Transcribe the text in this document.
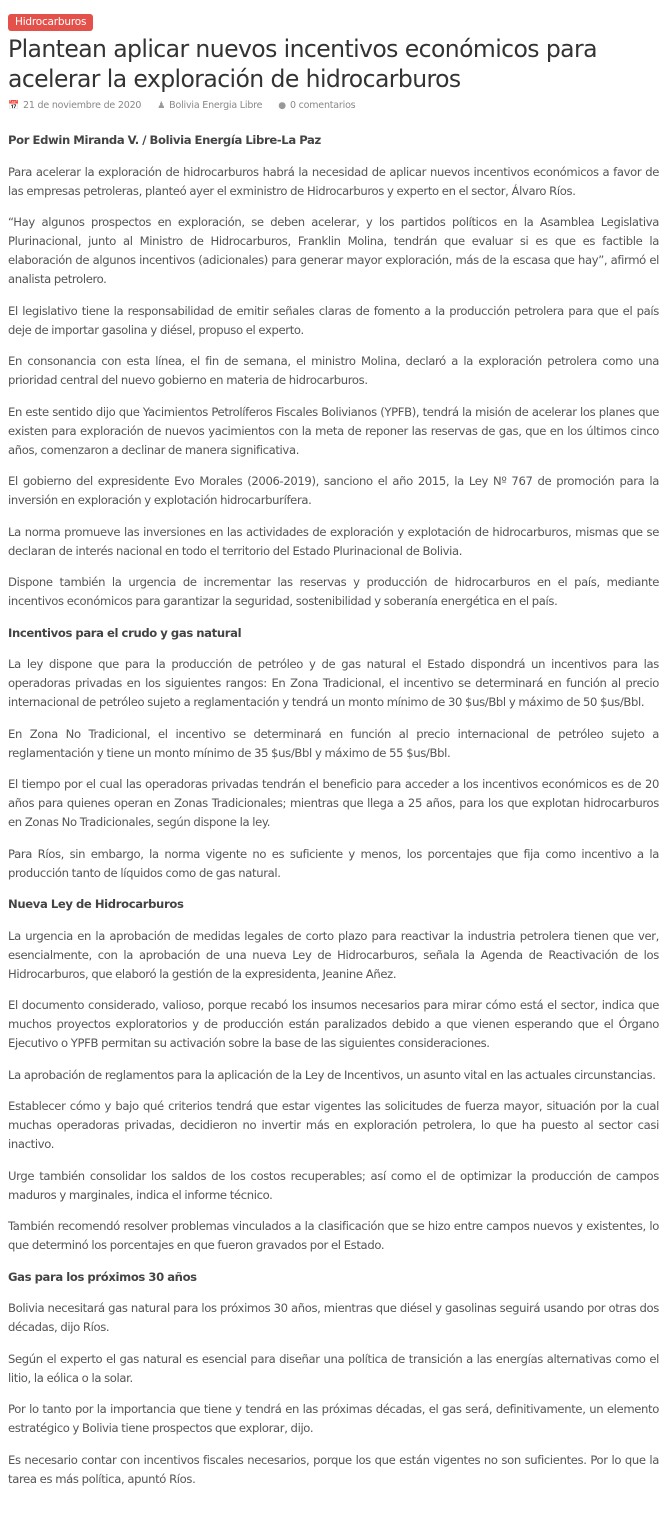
Hidrocarburos
Plantean aplicar nuevos incentivos económicos para acelerar la exploración de hidrocarburos
📅 21 de noviembre de 2020 ♟ Bolivia Energia Libre ● 0 comentarios

Por Edwin Miranda V. / Bolivia Energía Libre-La Paz

Para acelerar la exploración de hidrocarburos habrá la necesidad de aplicar nuevos incentivos económicos a favor de las empresas petroleras, planteó ayer el exministro de Hidrocarburos y experto en el sector, Álvaro Ríos.

“Hay algunos prospectos en exploración, se deben acelerar, y los partidos políticos en la Asamblea Legislativa Plurinacional, junto al Ministro de Hidrocarburos, Franklin Molina, tendrán que evaluar si es que es factible la elaboración de algunos incentivos (adicionales) para generar mayor exploración, más de la escasa que hay”, afirmó el analista petrolero.

El legislativo tiene la responsabilidad de emitir señales claras de fomento a la producción petrolera para que el país deje de importar gasolina y diésel, propuso el experto.

En consonancia con esta línea, el fin de semana, el ministro Molina, declaró a la exploración petrolera como una prioridad central del nuevo gobierno en materia de hidrocarburos.

En este sentido dijo que Yacimientos Petrolíferos Fiscales Bolivianos (YPFB), tendrá la misión de acelerar los planes que existen para exploración de nuevos yacimientos con la meta de reponer las reservas de gas, que en los últimos cinco años, comenzaron a declinar de manera significativa.

El gobierno del expresidente Evo Morales (2006-2019), sanciono el año 2015, la Ley Nº 767 de promoción para la inversión en exploración y explotación hidrocarburífera.

La norma promueve las inversiones en las actividades de exploración y explotación de hidrocarburos, mismas que se declaran de interés nacional en todo el territorio del Estado Plurinacional de Bolivia.

Dispone también la urgencia de incrementar las reservas y producción de hidrocarburos en el país, mediante incentivos económicos para garantizar la seguridad, sostenibilidad y soberanía energética en el país.

Incentivos para el crudo y gas natural

La ley dispone que para la producción de petróleo y de gas natural el Estado dispondrá un incentivos para las operadoras privadas en los siguientes rangos: En Zona Tradicional, el incentivo se determinará en función al precio internacional de petróleo sujeto a reglamentación y tendrá un monto mínimo de 30 $us/Bbl y máximo de 50 $us/Bbl.

En Zona No Tradicional, el incentivo se determinará en función al precio internacional de petróleo sujeto a reglamentación y tiene un monto mínimo de 35 $us/Bbl y máximo de 55 $us/Bbl.

El tiempo por el cual las operadoras privadas tendrán el beneficio para acceder a los incentivos económicos es de 20 años para quienes operan en Zonas Tradicionales; mientras que llega a 25 años, para los que explotan hidrocarburos en Zonas No Tradicionales, según dispone la ley.

Para Ríos, sin embargo, la norma vigente no es suficiente y menos, los porcentajes que fija como incentivo a la producción tanto de líquidos como de gas natural.

Nueva Ley de Hidrocarburos

La urgencia en la aprobación de medidas legales de corto plazo para reactivar la industria petrolera tienen que ver, esencialmente, con la aprobación de una nueva Ley de Hidrocarburos, señala la Agenda de Reactivación de los Hidrocarburos, que elaboró la gestión de la expresidenta, Jeanine Añez.

El documento considerado, valioso, porque recabó los insumos necesarios para mirar cómo está el sector, indica que muchos proyectos exploratorios y de producción están paralizados debido a que vienen esperando que el Órgano Ejecutivo o YPFB permitan su activación sobre la base de las siguientes consideraciones.

La aprobación de reglamentos para la aplicación de la Ley de Incentivos, un asunto vital en las actuales circunstancias.

Establecer cómo y bajo qué criterios tendrá que estar vigentes las solicitudes de fuerza mayor, situación por la cual muchas operadoras privadas, decidieron no invertir más en exploración petrolera, lo que ha puesto al sector casi inactivo.

Urge también consolidar los saldos de los costos recuperables; así como el de optimizar la producción de campos maduros y marginales, indica el informe técnico.

También recomendó resolver problemas vinculados a la clasificación que se hizo entre campos nuevos y existentes, lo que determinó los porcentajes en que fueron gravados por el Estado.

Gas para los próximos 30 años

Bolivia necesitará gas natural para los próximos 30 años, mientras que diésel y gasolinas seguirá usando por otras dos décadas, dijo Ríos.

Según el experto el gas natural es esencial para diseñar una política de transición a las energías alternativas como el litio, la eólica o la solar.

Por lo tanto por la importancia que tiene y tendrá en las próximas décadas, el gas será, definitivamente, un elemento estratégico y Bolivia tiene prospectos que explorar, dijo.

Es necesario contar con incentivos fiscales necesarios, porque los que están vigentes no son suficientes. Por lo que la tarea es más política, apuntó Ríos.
